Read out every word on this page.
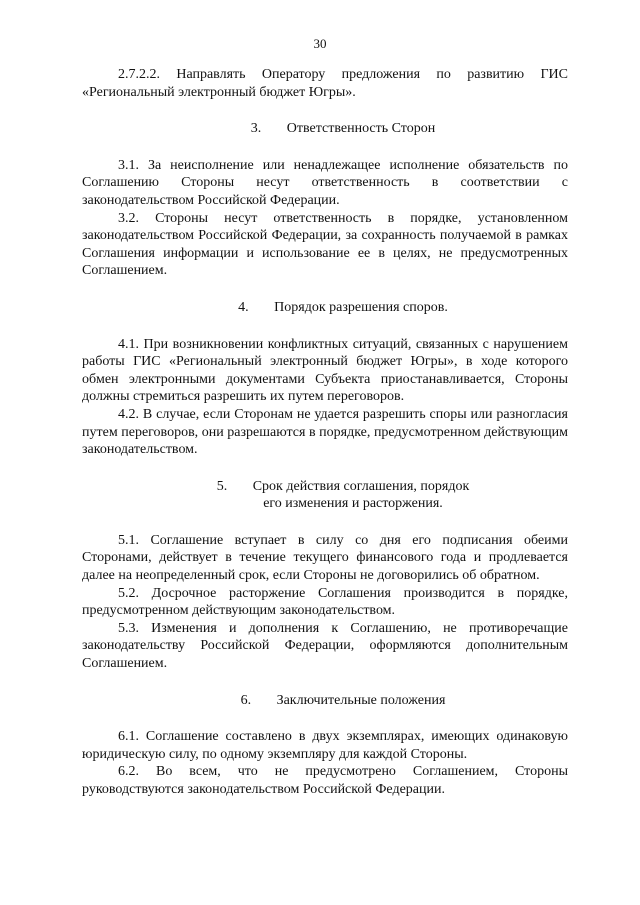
30

2.7.2.2. Направлять Оператору предложения по развитию ГИС «Региональный электронный бюджет Югры».

3. Ответственность Сторон

3.1. За неисполнение или ненадлежащее исполнение обязательств по Соглашению Стороны несут ответственность в соответствии с законодательством Российской Федерации.

3.2. Стороны несут ответственность в порядке, установленном законодательством Российской Федерации, за сохранность получаемой в рамках Соглашения информации и использование ее в целях, не предусмотренных Соглашением.

4. Порядок разрешения споров.

4.1. При возникновении конфликтных ситуаций, связанных с нарушением работы ГИС «Региональный электронный бюджет Югры», в ходе которого обмен электронными документами Субъекта приостанавливается, Стороны должны стремиться разрешить их путем переговоров.

4.2. В случае, если Сторонам не удается разрешить споры или разногласия путем переговоров, они разрешаются в порядке, предусмотренном действующим законодательством.

5. Срок действия соглашения, порядок
его изменения и расторжения.

5.1. Соглашение вступает в силу со дня его подписания обеими Сторонами, действует в течение текущего финансового года и продлевается далее на неопределенный срок, если Стороны не договорились об обратном.

5.2. Досрочное расторжение Соглашения производится в порядке, предусмотренном действующим законодательством.

5.3. Изменения и дополнения к Соглашению, не противоречащие законодательству Российской Федерации, оформляются дополнительным Соглашением.

6. Заключительные положения

6.1. Соглашение составлено в двух экземплярах, имеющих одинаковую юридическую силу, по одному экземпляру для каждой Стороны.

6.2. Во всем, что не предусмотрено Соглашением, Стороны руководствуются законодательством Российской Федерации.
